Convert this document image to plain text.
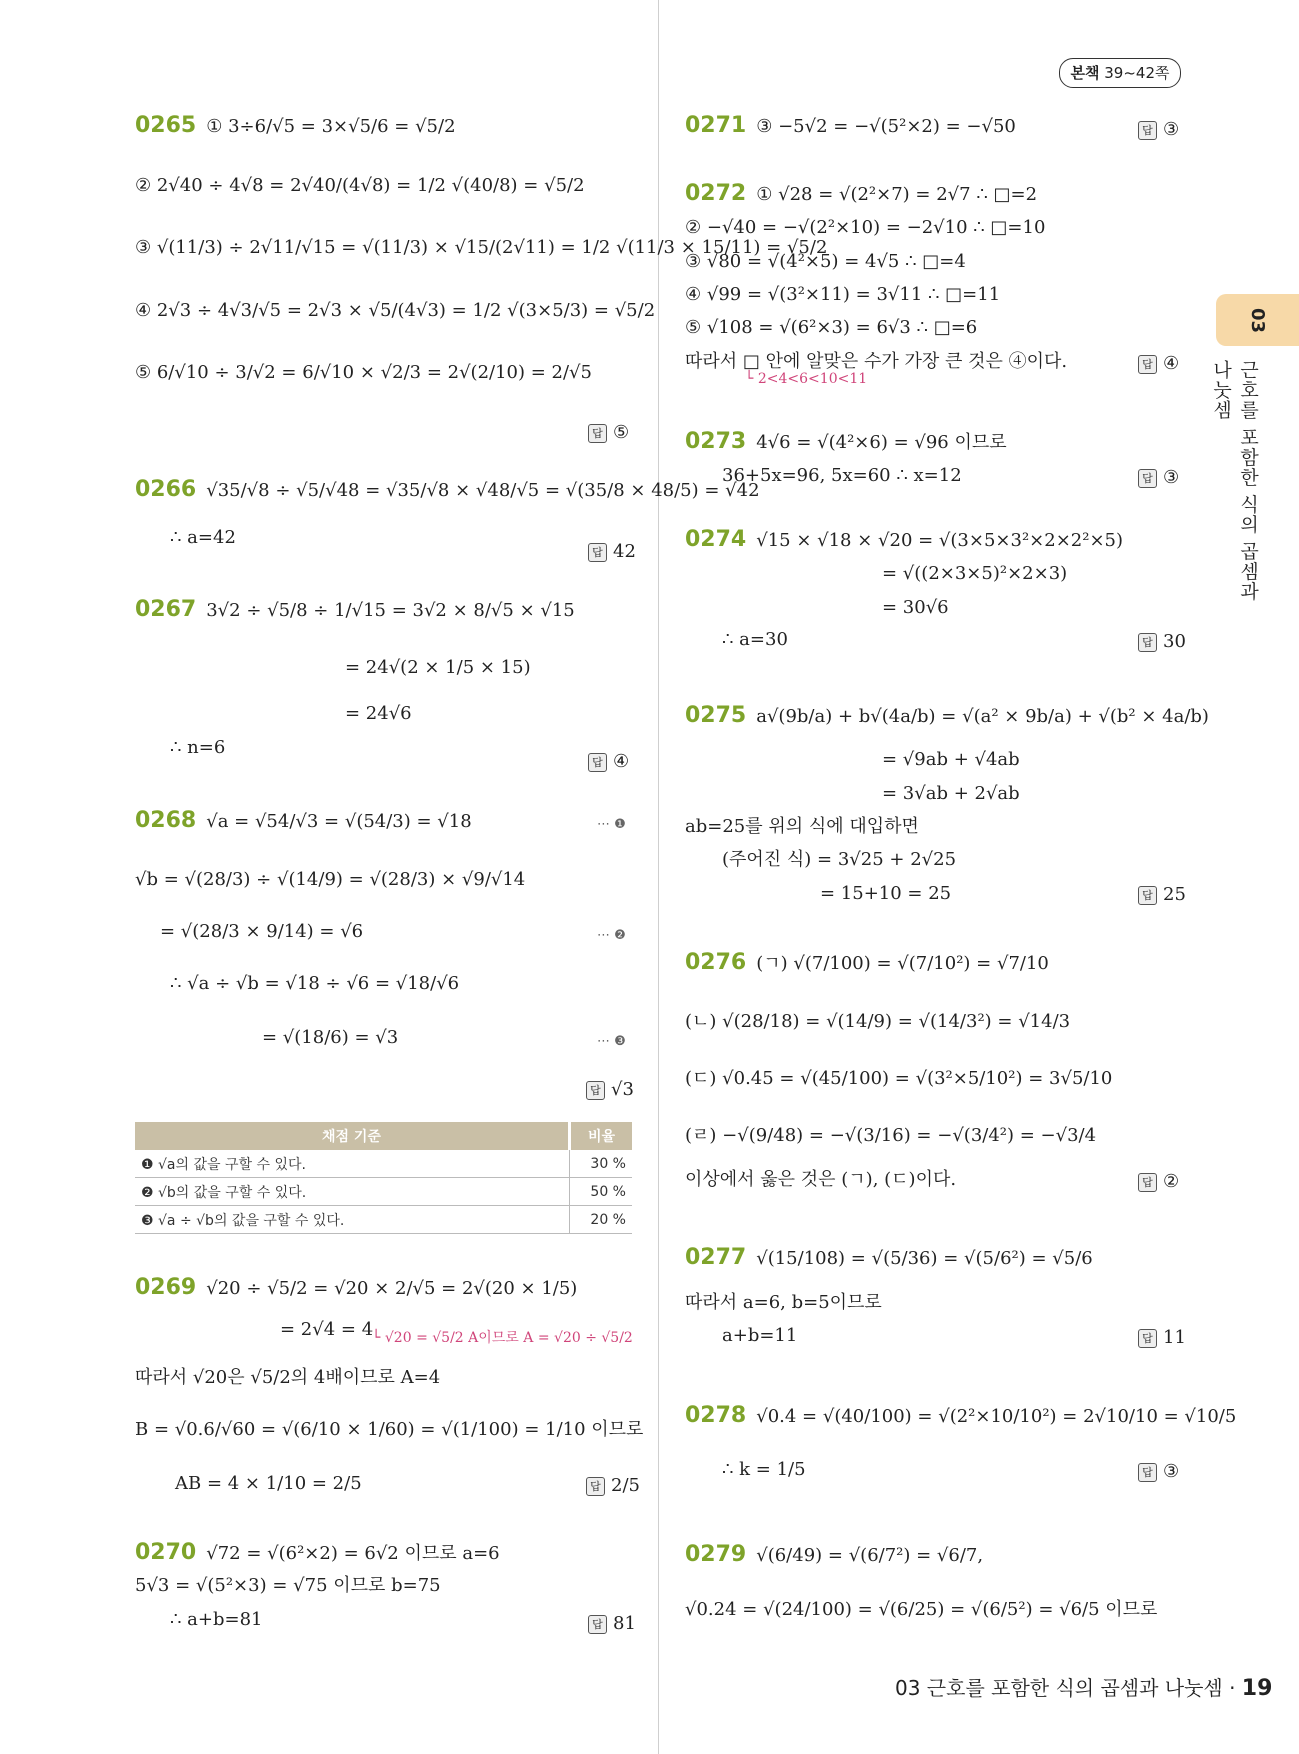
본책 39~42쪽
03
근호를 포함한 식의 곱셈과 나눗셈
0265 ① 3÷6/√5 = 3×√5/6 = √5/2
② 2√40 ÷ 4√8 = 2√40/(4√8) = 1/2 √(40/8) = √5/2
③ √(11/3) ÷ 2√11/√15 = √(11/3) × √15/(2√11) = 1/2 √(11/3 × 15/11) = √5/2
④ 2√3 ÷ 4√3/√5 = 2√3 × √5/(4√3) = 1/2 √(3×5/3) = √5/2
⑤ 6/√10 ÷ 3/√2 = 6/√10 × √2/3 = 2√(2/10) = 2/√5
0266 √35/√8 ÷ √5/√48 = √35/√8 × √48/√5 = √(35/8 × 48/5) = √42
∴ a=42
0267 3√2 ÷ √5/8 ÷ 1/√15 = 3√2 × 8/√5 × √15
= 24√(2 × 1/5 × 15)
= 24√6
∴ n=6
0268 √a = √54/√3 = √(54/3) = √18
√b = √(28/3) ÷ √(14/9) = √(28/3) × √9/√14
= √(28/3 × 9/14) = √6
∴ √a ÷ √b = √18 ÷ √6 = √18/√6
= √(18/6) = √3
0269 √20 ÷ √5/2 = √20 × 2/√5 = 2√(20 × 1/5)
= 2√4 = 4
따라서 √20은 √5/2의 4배이므로 A=4
B = √0.6/√60 = √(6/10 × 1/60) = √(1/100) = 1/10 이므로
AB = 4 × 1/10 = 2/5
0270 √72 = √(6²×2) = 6√2 이므로 a=6
5√3 = √(5²×3) = √75 이므로 b=75
∴ a+b=81
0271 ③ −5√2 = −√(5²×2) = −√50
0272 ① √28 = √(2²×7) = 2√7 ∴ □=2
② −√40 = −√(2²×10) = −2√10 ∴ □=10
③ √80 = √(4²×5) = 4√5 ∴ □=4
④ √99 = √(3²×11) = 3√11 ∴ □=11
⑤ √108 = √(6²×3) = 6√3 ∴ □=6
따라서 □ 안에 알맞은 수가 가장 큰 것은 ④이다.
0273 4√6 = √(4²×6) = √96 이므로
36+5x=96, 5x=60 ∴ x=12
0274 √15 × √18 × √20 = √(3×5×3²×2×2²×5)
= √((2×3×5)²×2×3)
= 30√6
∴ a=30
0275 a√(9b/a) + b√(4a/b) = √(a² × 9b/a) + √(b² × 4a/b)
= √9ab + √4ab
= 3√ab + 2√ab
ab=25를 위의 식에 대입하면
(주어진 식) = 3√25 + 2√25
= 15+10 = 25
0276 (ㄱ) √(7/100) = √(7/10²) = √7/10
(ㄴ) √(28/18) = √(14/9) = √(14/3²) = √14/3
(ㄷ) √0.45 = √(45/100) = √(3²×5/10²) = 3√5/10
(ㄹ) −√(9/48) = −√(3/16) = −√(3/4²) = −√3/4
이상에서 옳은 것은 (ㄱ), (ㄷ)이다.
0277 √(15/108) = √(5/36) = √(5/6²) = √5/6
따라서 a=6, b=5이므로
a+b=11
0278 √0.4 = √(40/100) = √(2²×10/10²) = 2√10/10 = √10/5
∴ k = 1/5
0279 √(6/49) = √(6/7²) = √6/7,
√0.24 = √(24/100) = √(6/25) = √(6/5²) = √6/5 이므로
답 ⑤
답 42
답 ④
답 √3
답 2/5
답 81
답 ③
답 ④
답 ③
답 30
답 25
답 ②
답 11
답 ③
⋯ ❶
⋯ ❷
⋯ ❸
└ 2<4<6<10<11
└ √20 = √5/2 A이므로 A = √20 ÷ √5/2
채점 기준	비율
❶ √a의 값을 구할 수 있다.	30 %
❷ √b의 값을 구할 수 있다.	50 %
❸ √a ÷ √b의 값을 구할 수 있다.	20 %
03 근호를 포함한 식의 곱셈과 나눗셈 · 19
